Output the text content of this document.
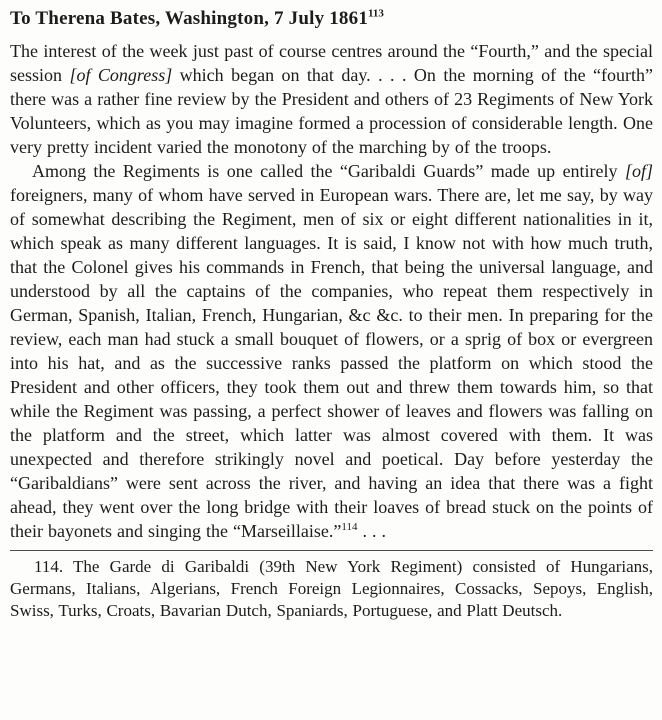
To Therena Bates, Washington, 7 July 1861$^{113}$

The interest of the week just past of course centres around the “Fourth,” and the special session [of Congress] which began on that day. . . . On the morning of the “fourth” there was a rather fine review by the President and others of 23 Regiments of New York Volunteers, which as you may imagine formed a procession of considerable length. One very pretty incident varied the monotony of the marching by of the troops.

Among the Regiments is one called the “Garibaldi Guards” made up entirely [of] foreigners, many of whom have served in European wars. There are, let me say, by way of somewhat describing the Regiment, men of six or eight different nationalities in it, which speak as many different languages. It is said, I know not with how much truth, that the Colonel gives his commands in French, that being the universal language, and understood by all the captains of the companies, who repeat them respectively in German, Spanish, Italian, French, Hungarian, &c &c. to their men. In preparing for the review, each man had stuck a small bouquet of flowers, or a sprig of box or evergreen into his hat, and as the successive ranks passed the platform on which stood the President and other officers, they took them out and threw them towards him, so that while the Regiment was passing, a perfect shower of leaves and flowers was falling on the platform and the street, which latter was almost covered with them. It was unexpected and therefore strikingly novel and poetical. Day before yesterday the “Garibaldians” were sent across the river, and having an idea that there was a fight ahead, they went over the long bridge with their loaves of bread stuck on the points of their bayonets and singing the “Marseillaise.”$^{114}$ . . .

114. The Garde di Garibaldi (39th New York Regiment) consisted of Hungarians, Germans, Italians, Algerians, French Foreign Legionnaires, Cossacks, Sepoys, English, Swiss, Turks, Croats, Bavarian Dutch, Spaniards, Portuguese, and Platt Deutsch.
